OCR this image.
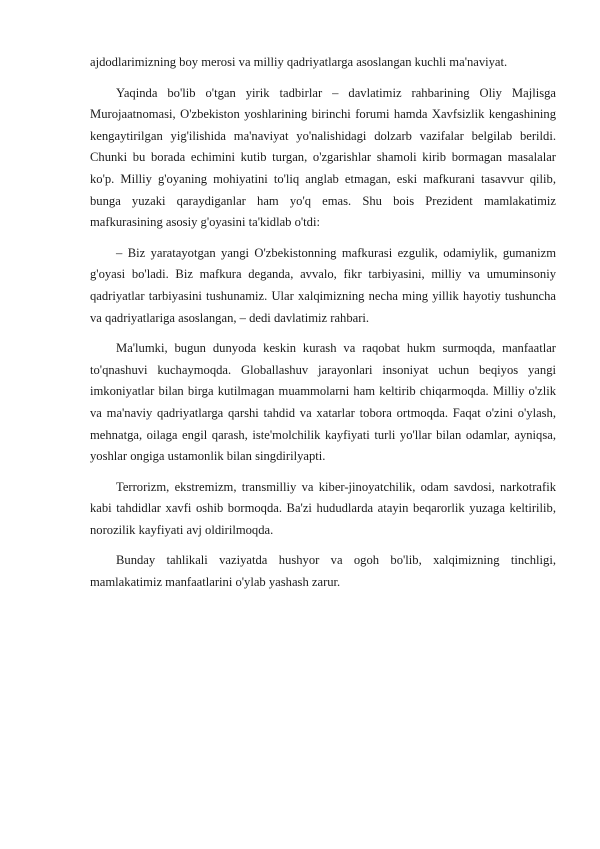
ajdodlarimizning boy merosi va milliy qadriyatlarga asoslangan kuchli ma'naviyat.

Yaqinda bo'lib o'tgan yirik tadbirlar – davlatimiz rahbarining Oliy Majlisga Murojaatnomasi, O'zbekiston yoshlarining birinchi forumi hamda Xavfsizlik kengashining kengaytirilgan yig'ilishida ma'naviyat yo'nalishidagi dolzarb vazifalar belgilab berildi. Chunki bu borada echimini kutib turgan, o'zgarishlar shamoli kirib bormagan masalalar ko'p. Milliy g'oyaning mohiyatini to'liq anglab etmagan, eski mafkurani tasavvur qilib, bunga yuzaki qaraydiganlar ham yo'q emas. Shu bois Prezident mamlakatimiz mafkurasining asosiy g'oyasini ta'kidlab o'tdi:

– Biz yaratayotgan yangi O'zbekistonning mafkurasi ezgulik, odamiylik, gumanizm g'oyasi bo'ladi. Biz mafkura deganda, avvalo, fikr tarbiyasini, milliy va umuminsoniy qadriyatlar tarbiyasini tushunamiz. Ular xalqimizning necha ming yillik hayotiy tushuncha va qadriyatlariga asoslangan, – dedi davlatimiz rahbari.

Ma'lumki, bugun dunyoda keskin kurash va raqobat hukm surmoqda, manfaatlar to'qnashuvi kuchaymoqda. Globallashuv jarayonlari insoniyat uchun beqiyos yangi imkoniyatlar bilan birga kutilmagan muammolarni ham keltirib chiqarmoqda. Milliy o'zlik va ma'naviy qadriyatlarga qarshi tahdid va xatarlar tobora ortmoqda. Faqat o'zini o'ylash, mehnatga, oilaga engil qarash, iste'molchilik kayfiyati turli yo'llar bilan odamlar, ayniqsa, yoshlar ongiga ustamonlik bilan singdirilyapti.

Terrorizm, ekstremizm, transmilliy va kiber-jinoyatchilik, odam savdosi, narkotrafik kabi tahdidlar xavfi oshib bormoqda. Ba'zi hududlarda atayin beqarorlik yuzaga keltirilib, norozilik kayfiyati avj oldirilmoqda.

Bunday tahlikali vaziyatda hushyor va ogoh bo'lib, xalqimizning tinchligi, mamlakatimiz manfaatlarini o'ylab yashash zarur.
